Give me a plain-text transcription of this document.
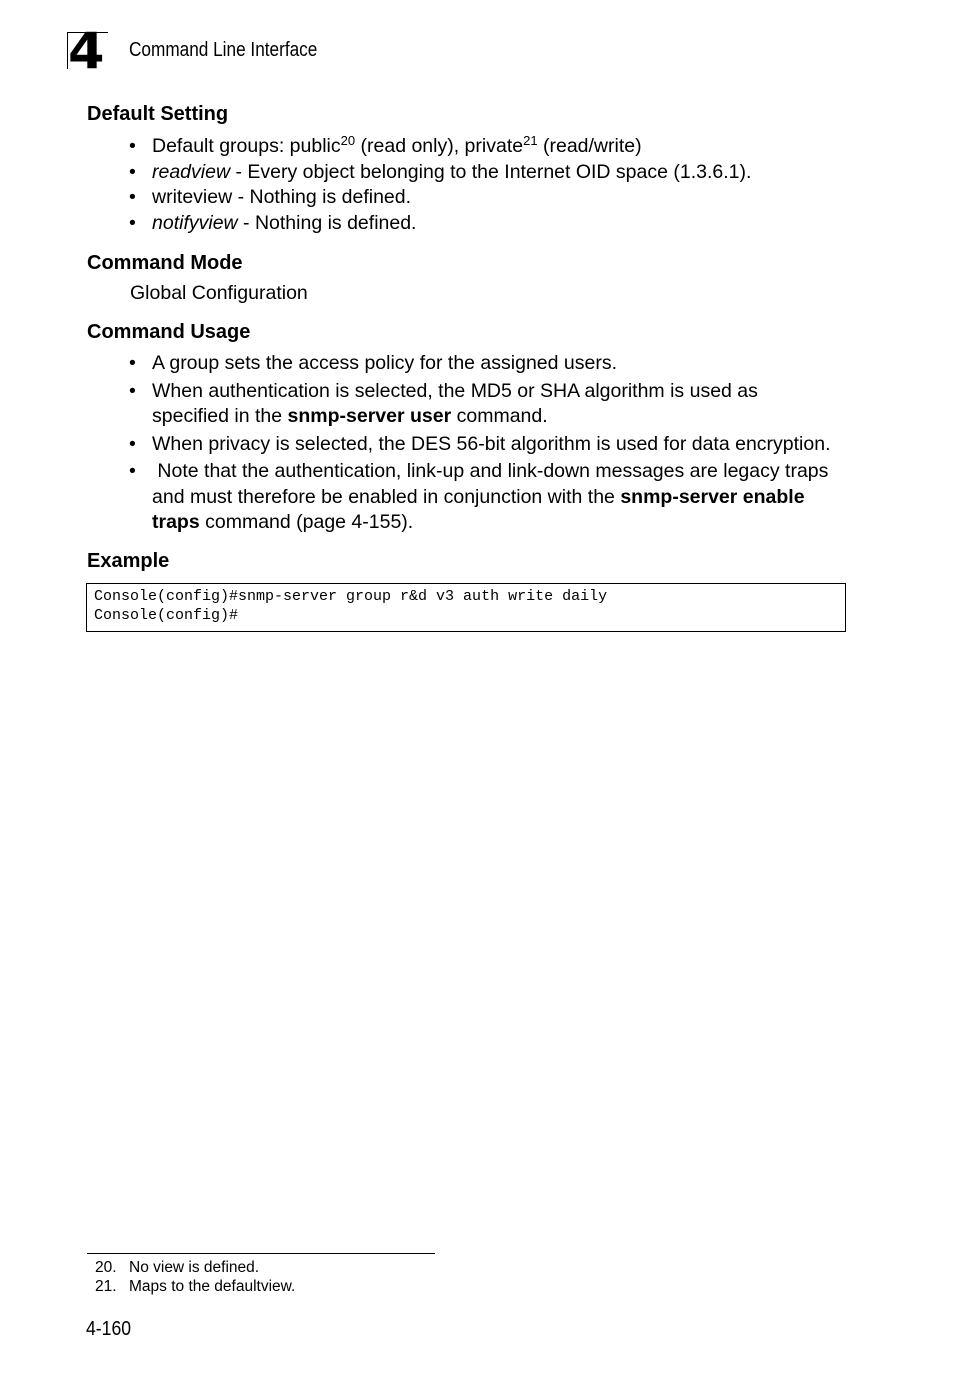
4 Command Line Interface
Default Setting
• Default groups: public$^{20}$ (read only), private$^{21}$ (read/write)
• readview - Every object belonging to the Internet OID space (1.3.6.1).
• writeview - Nothing is defined.
• notifyview - Nothing is defined.
Command Mode
Global Configuration
Command Usage
• A group sets the access policy for the assigned users.
• When authentication is selected, the MD5 or SHA algorithm is used as
specified in the snmp-server user command.
• When privacy is selected, the DES 56-bit algorithm is used for data encryption.
• Note that the authentication, link-up and link-down messages are legacy traps
and must therefore be enabled in conjunction with the snmp-server enable
traps command (page 4-155).
Example
Console(config)#snmp-server group r&d v3 auth write daily
Console(config)#
20. No view is defined.
21. Maps to the defaultview.
4-160
